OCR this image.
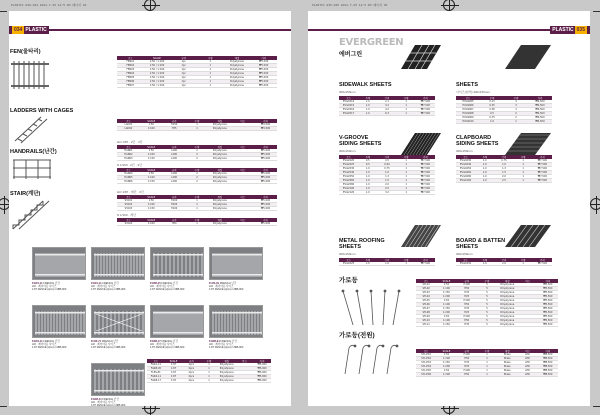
PLASTIC 036-034 2011.7.25 12:5 AM 페이지 34	PLASTIC 035-035 2011.7.25 12:5 AM 페이지 35
034 PLASTIC
FEN(울타리)
코드	SCALE	규격	수량	재질	가격
FEN01	1:50 / 1:100	1pc	1	Polystyrene	₩5,500
FEN02	1:50 / 1:100	1pc	1	Polystyrene	₩5,500
FEN03	1:50 / 1:100	1pc	1	Polystyrene	₩5,500
FEN04	1:50 / 1:100	1pc	1	Polystyrene	₩5,500
FEN05	1:50 / 1:100	1pc	1	Polystyrene	₩5,500
FEN06	1:50 / 1:100	1pc	1	Polystyrene	₩5,500
FEN07	1:50 / 1:100	1pc	1	Polystyrene	₩5,500
LADDERS WITH CAGES
코드	SCALE	규격	수량	재질	비고	가격
LAD01	1:50	H150	1	Polystyrene		₩4,500
LAD02	1:100	H75	1	Polystyrene		₩4,500
HANDRAILS(난간)
HO 1/87 · 2단 · 3단
코드	SCALE	규격	수량	재질	비고	가격
HAN01	1:50	L200	2	Polystyrene		₩5,000
HAN02	1:100	L200	2	Polystyrene		₩5,000
HAN03	1:150	L200	2	Polystyrene		₩5,000
N 1/160 · 2단 · 3단
코드	SCALE	규격	수량	재질	비고	가격
HAN04	1:50	L200	2	Polystyrene		₩5,000
HAN05	1:100	L200	2	Polystyrene		₩5,000
HAN06	1:150	L200	2	Polystyrene		₩5,000
STAIR(계단)	HO 1/87 · 계단 · 3단
코드	SCALE	규격	수량	재질	비고	가격
STA01	1:50	H100	1	Polystyrene		₩5,000
STA02	1:100	H100	1	Polystyrene		₩5,000
STA03	1:150	H100	1	Polystyrene		₩5,000
N 1/160 · 계단
코드	SCALE	규격	수량	재질	비고	가격
STA04	1:100	H50	1	Polystyrene		₩5,000
FGR1-11 FRENCH 난간
HO · 레이아웃 사이즈
1:87 FENCE (2pcs) 1 ₩5,000
FGR1-11 FRENCH 난간
HO · 레이아웃 사이즈
1:87 FENCE (2pcs) 1 ₩5,000
FGR8-45 FRENCH 난간
HO · 레이아웃 사이즈
1:87 FENCE (2pcs) 1 ₩5,000
FL8S-81 FRENCH 난간
HO · 레이아웃 사이즈
1:87 FENCE (2pcs) 1 ₩5,000
FGR4-11 FRENCH 난간
HO · 레이아웃 사이즈
1:87 FENCE (2pcs) 1 ₩5,000
FL8S-71 FRENCH 난간
HO · 레이아웃 사이즈
1:87 FENCE (2pcs) 1 ₩5,000
FGR8-17 FRENCH 난간
HO · 레이아웃 사이즈
1:87 FENCE (2pcs) 1 ₩5,000
FGR8-94 FRENCH 난간
HO · 레이아웃 사이즈
1:87 FENCE (2pcs) 1 ₩5,000
FGR8-41 FRENCH 난간
HO · 레이아웃 사이즈
1:87 FENCE (2pcs) 1 ₩5,000
코드	SCALE	규격	수량	재질	비고	가격
FGR1-11	1:87	2pcs	1	Polystyrene		₩5,000
FGR8-45	1:87	2pcs	1	Polystyrene		₩5,000
FL8S-81	1:87	2pcs	1	Polystyrene		₩5,000
FGR4-11	1:87	2pcs	1	Polystyrene		₩5,000
FGR8-17	1:87	2pcs	1	Polystyrene		₩5,000
PLASTIC 035
EVERGREEN
에버그린
SIDEWALK SHEETS
300x150mm
코드	두께	간격	수량	가격
EVG4514	1.0	2.1	1	₩7,500
EVG4515	1.0	3.2	1	₩7,500
EVG4516	1.0	4.2	1	₩7,500
EVG4517	1.0	6.3	1	₩7,500
SHEETS
사이즈(흰색) 300x150mm
코드	두께	수량	가격
EVG9005	0.13	4	₩4,500
EVG9006	0.25	3	₩4,500
EVG9007	0.38	3	₩4,500
EVG9008	0.5	2	₩4,500
EVG9009	0.75	2	₩4,500
EVG9010	1.0	1	₩4,500
V-GROOVE
SIDING SHEETS
300x150mm
코드	두께	간격	수량	가격
EVG2020	0.5	0.5	1	₩7,500
EVG2025	0.5	0.64	1	₩7,500
EVG2030	1.0	0.75	1	₩7,500
EVG2040	1.0	1.0	1	₩7,500
EVG2050	1.0	1.3	1	₩7,500
EVG2060	1.0	1.5	1	₩7,500
EVG2080	1.0	2.0	1	₩7,500
EVG2100	1.0	2.5	1	₩7,500
EVG2120	1.0	3.2	1	₩7,500
CLAPBOARD
SIDING SHEETS
300x150mm
코드	두께	간격	수량	가격
EVG4030	1.0	0.75	1	₩7,500
EVG4040	1.0	1.0	1	₩7,500
EVG4050	1.0	1.3	1	₩7,500
EVG4060	1.0	1.5	1	₩7,500
EVG4080	1.0	2.0	1	₩7,500
EVG4100	1.0	2.5	1	₩7,500
METAL ROOFING
SHEETS
300x150mm
코드	두께	간격	수량	가격
EVG4525	1.0	1.0	1	₩7,500
BOARD & BATTEN
SHEETS
300x150mm
코드	두께	간격	수량	가격
EVG4541	1.0	2.0	1	₩7,500
가로등	코드	SCALE	규격	수량	재질	비고	가격
STL01	1:50	H100	5	Polystyrene		₩5,500
STL02	1:100	H50	5	Polystyrene		₩5,500
STL03	1:150	H35	5	Polystyrene		₩5,500
STL04	1:200	H25	5	Polystyrene		₩5,500
STL05	1:50	H100	5	Polystyrene		₩5,500
STL06	1:100	H50	5	Polystyrene		₩5,500
STL07	1:150	H35	5	Polystyrene		₩5,500
STL08	1:200	H25	5	Polystyrene		₩5,500
STL09	1:50	H100	5	Polystyrene		₩5,500
STL10	1:100	H50	5	Polystyrene		₩5,500
STL11	1:150	H35	5	Polystyrene		₩5,500
가로등(전원)
코드	SCALE	규격	수량	재질	비고	가격
STL-E01	1:50	H100	1	Brass	LED	₩8,500
STL-E02	1:100	H50	1	Brass	LED	₩8,500
STL-E03	1:150	H35	1	Brass	LED	₩8,500
STL-E04	1:200	H25	1	Brass	LED	₩8,500
STL-E05	1:50	H100	1	Brass	LED	₩8,500
STL-E06	1:100	H50	1	Brass	LED	₩8,500
